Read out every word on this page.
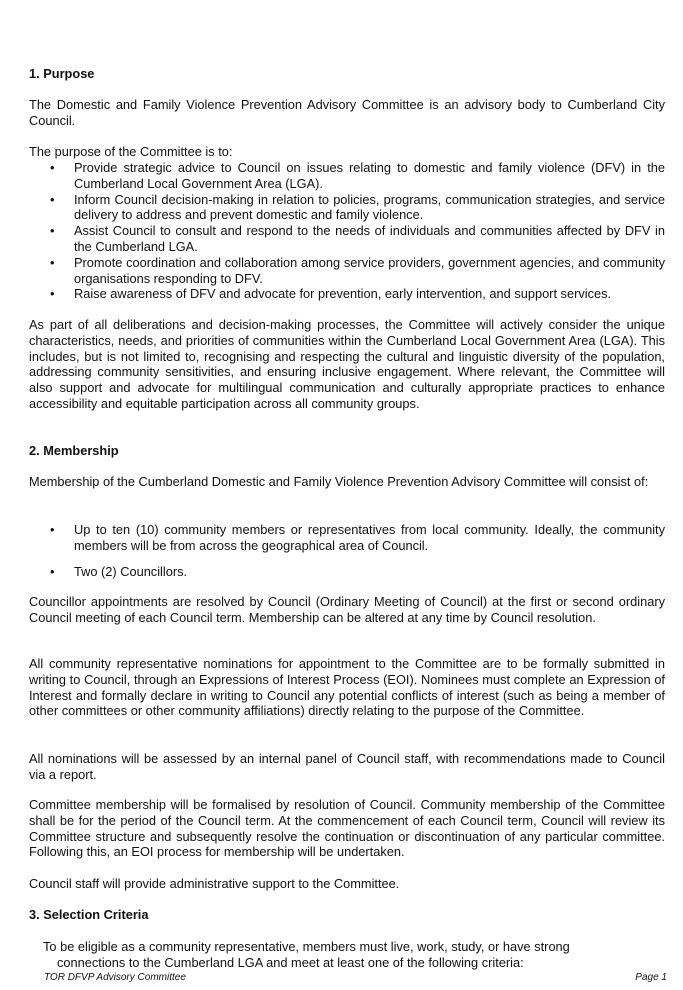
1. Purpose

The Domestic and Family Violence Prevention Advisory Committee is an advisory body to Cumberland City Council.

The purpose of the Committee is to:

• Provide strategic advice to Council on issues relating to domestic and family violence (DFV) in the Cumberland Local Government Area (LGA).
• Inform Council decision-making in relation to policies, programs, communication strategies, and service delivery to address and prevent domestic and family violence.
• Assist Council to consult and respond to the needs of individuals and communities affected by DFV in the Cumberland LGA.
• Promote coordination and collaboration among service providers, government agencies, and community organisations responding to DFV.
• Raise awareness of DFV and advocate for prevention, early intervention, and support services.

As part of all deliberations and decision-making processes, the Committee will actively consider the unique characteristics, needs, and priorities of communities within the Cumberland Local Government Area (LGA). This includes, but is not limited to, recognising and respecting the cultural and linguistic diversity of the population, addressing community sensitivities, and ensuring inclusive engagement. Where relevant, the Committee will also support and advocate for multilingual communication and culturally appropriate practices to enhance accessibility and equitable participation across all community groups.

2. Membership

Membership of the Cumberland Domestic and Family Violence Prevention Advisory Committee will consist of:

• Up to ten (10) community members or representatives from local community. Ideally, the community members will be from across the geographical area of Council.
• Two (2) Councillors.

Councillor appointments are resolved by Council (Ordinary Meeting of Council) at the first or second ordinary Council meeting of each Council term. Membership can be altered at any time by Council resolution.

All community representative nominations for appointment to the Committee are to be formally submitted in writing to Council, through an Expressions of Interest Process (EOI). Nominees must complete an Expression of Interest and formally declare in writing to Council any potential conflicts of interest (such as being a member of other committees or other community affiliations) directly relating to the purpose of the Committee.

All nominations will be assessed by an internal panel of Council staff, with recommendations made to Council via a report.

Committee membership will be formalised by resolution of Council. Community membership of the Committee shall be for the period of the Council term. At the commencement of each Council term, Council will review its Committee structure and subsequently resolve the continuation or discontinuation of any particular committee. Following this, an EOI process for membership will be undertaken.

Council staff will provide administrative support to the Committee.

3. Selection Criteria

To be eligible as a community representative, members must live, work, study, or have strong
connections to the Cumberland LGA and meet at least one of the following criteria:

TOR DFVP Advisory Committee	Page 1
